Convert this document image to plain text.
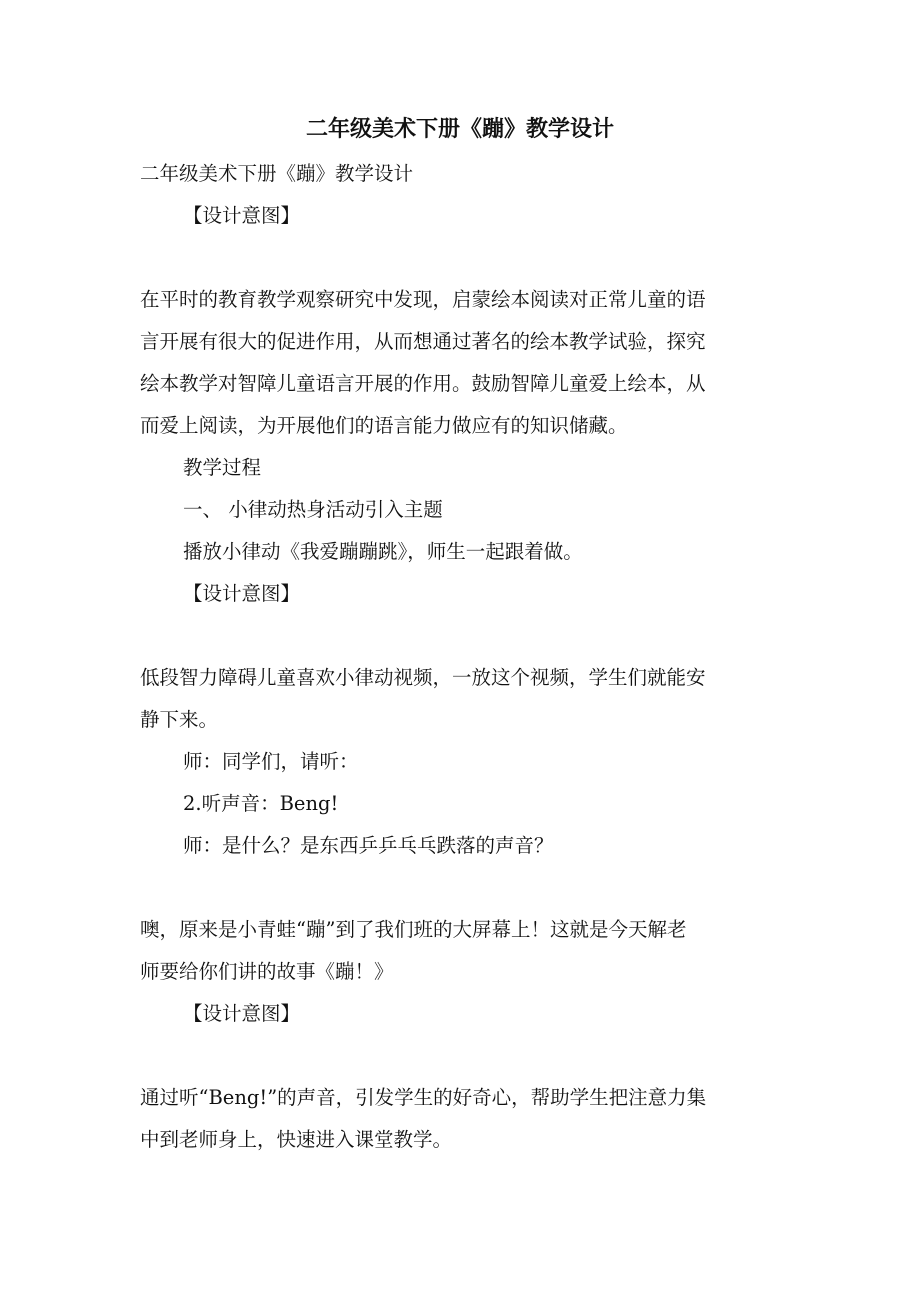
二年级美术下册《蹦》教学设计
二年级美术下册《蹦》教学设计
【设计意图】
在平时的教育教学观察研究中发现，启蒙绘本阅读对正常儿童的语
言开展有很大的促进作用，从而想通过著名的绘本教学试验，探究
绘本教学对智障儿童语言开展的作用。鼓励智障儿童爱上绘本，从
而爱上阅读，为开展他们的语言能力做应有的知识储藏。
教学过程
一、 小律动热身活动引入主题
播放小律动《我爱蹦蹦跳》，师生一起跟着做。
【设计意图】
低段智力障碍儿童喜欢小律动视频，一放这个视频，学生们就能安
静下来。
师：同学们，请听：
2.听声音：Beng!
师：是什么？是东西乒乒乓乓跌落的声音？
噢，原来是小青蛙“蹦”到了我们班的大屏幕上！这就是今天解老
师要给你们讲的故事《蹦！》
【设计意图】
通过听“Beng!”的声音，引发学生的好奇心，帮助学生把注意力集
中到老师身上，快速进入课堂教学。
